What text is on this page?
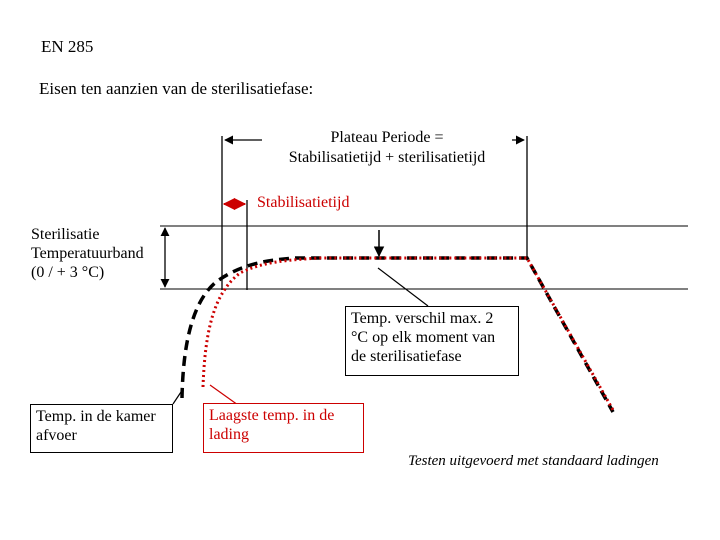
EN 285
Eisen ten aanzien van de sterilisatiefase:
Plateau Periode =
Stabilisatietijd + sterilisatietijd
Stabilisatietijd
Sterilisatie
Temperatuurband
(0 / + 3 °C)
Temp. verschil max. 2 °C op elk moment van de sterilisatiefase
Temp. in de kamer afvoer
Laagste temp. in de lading
Testen uitgevoerd met standaard ladingen
